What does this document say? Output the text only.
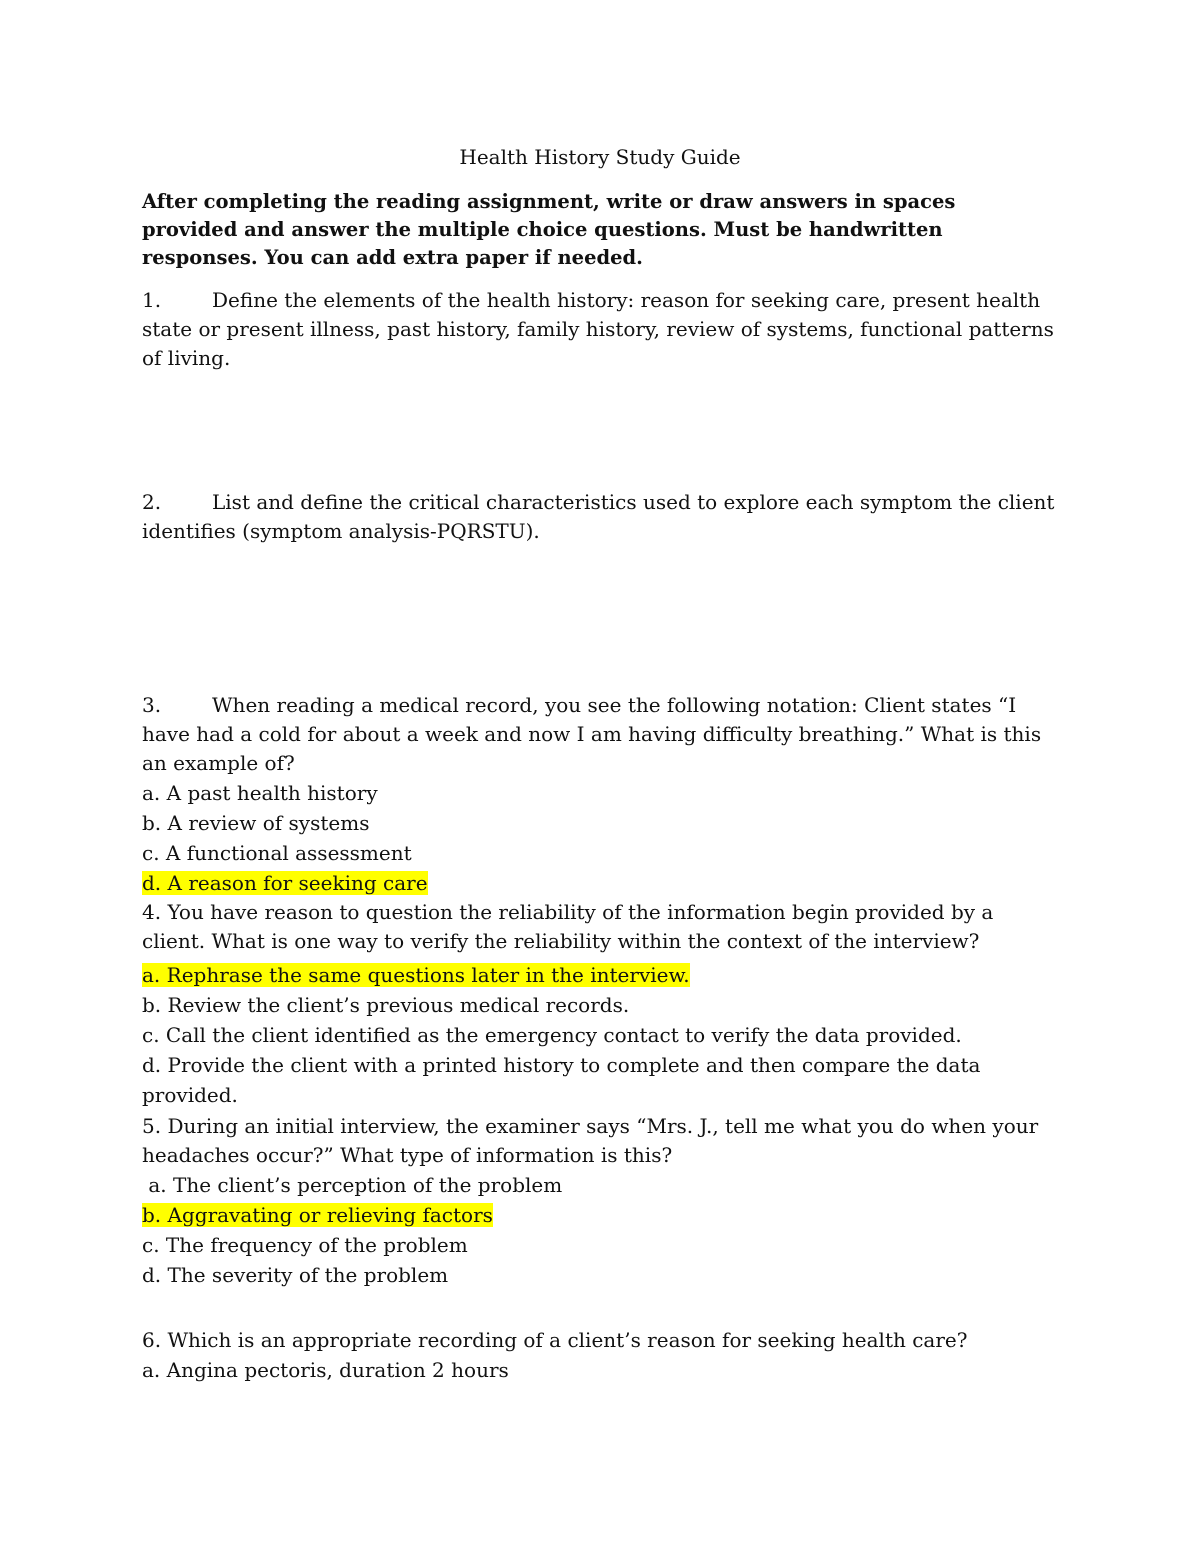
Health History Study Guide
After completing the reading assignment, write or draw answers in spaces provided and answer the multiple choice questions. Must be handwritten responses. You can add extra paper if needed.
1.	Define the elements of the health history: reason for seeking care, present health state or present illness, past history, family history, review of systems, functional patterns of living.
2.	List and define the critical characteristics used to explore each symptom the client identifies (symptom analysis-PQRSTU).
3.	When reading a medical record, you see the following notation: Client states “I have had a cold for about a week and now I am having difficulty breathing.” What is this an example of?
a. A past health history
b. A review of systems
c. A functional assessment
d. A reason for seeking care
4. You have reason to question the reliability of the information begin provided by a client. What is one way to verify the reliability within the context of the interview?
a. Rephrase the same questions later in the interview.
b. Review the client’s previous medical records.
c. Call the client identified as the emergency contact to verify the data provided.
d. Provide the client with a printed history to complete and then compare the data provided.
5. During an initial interview, the examiner says “Mrs. J., tell me what you do when your headaches occur?” What type of information is this?
a. The client’s perception of the problem
b. Aggravating or relieving factors
c. The frequency of the problem
d. The severity of the problem
6. Which is an appropriate recording of a client’s reason for seeking health care?
a. Angina pectoris, duration 2 hours
